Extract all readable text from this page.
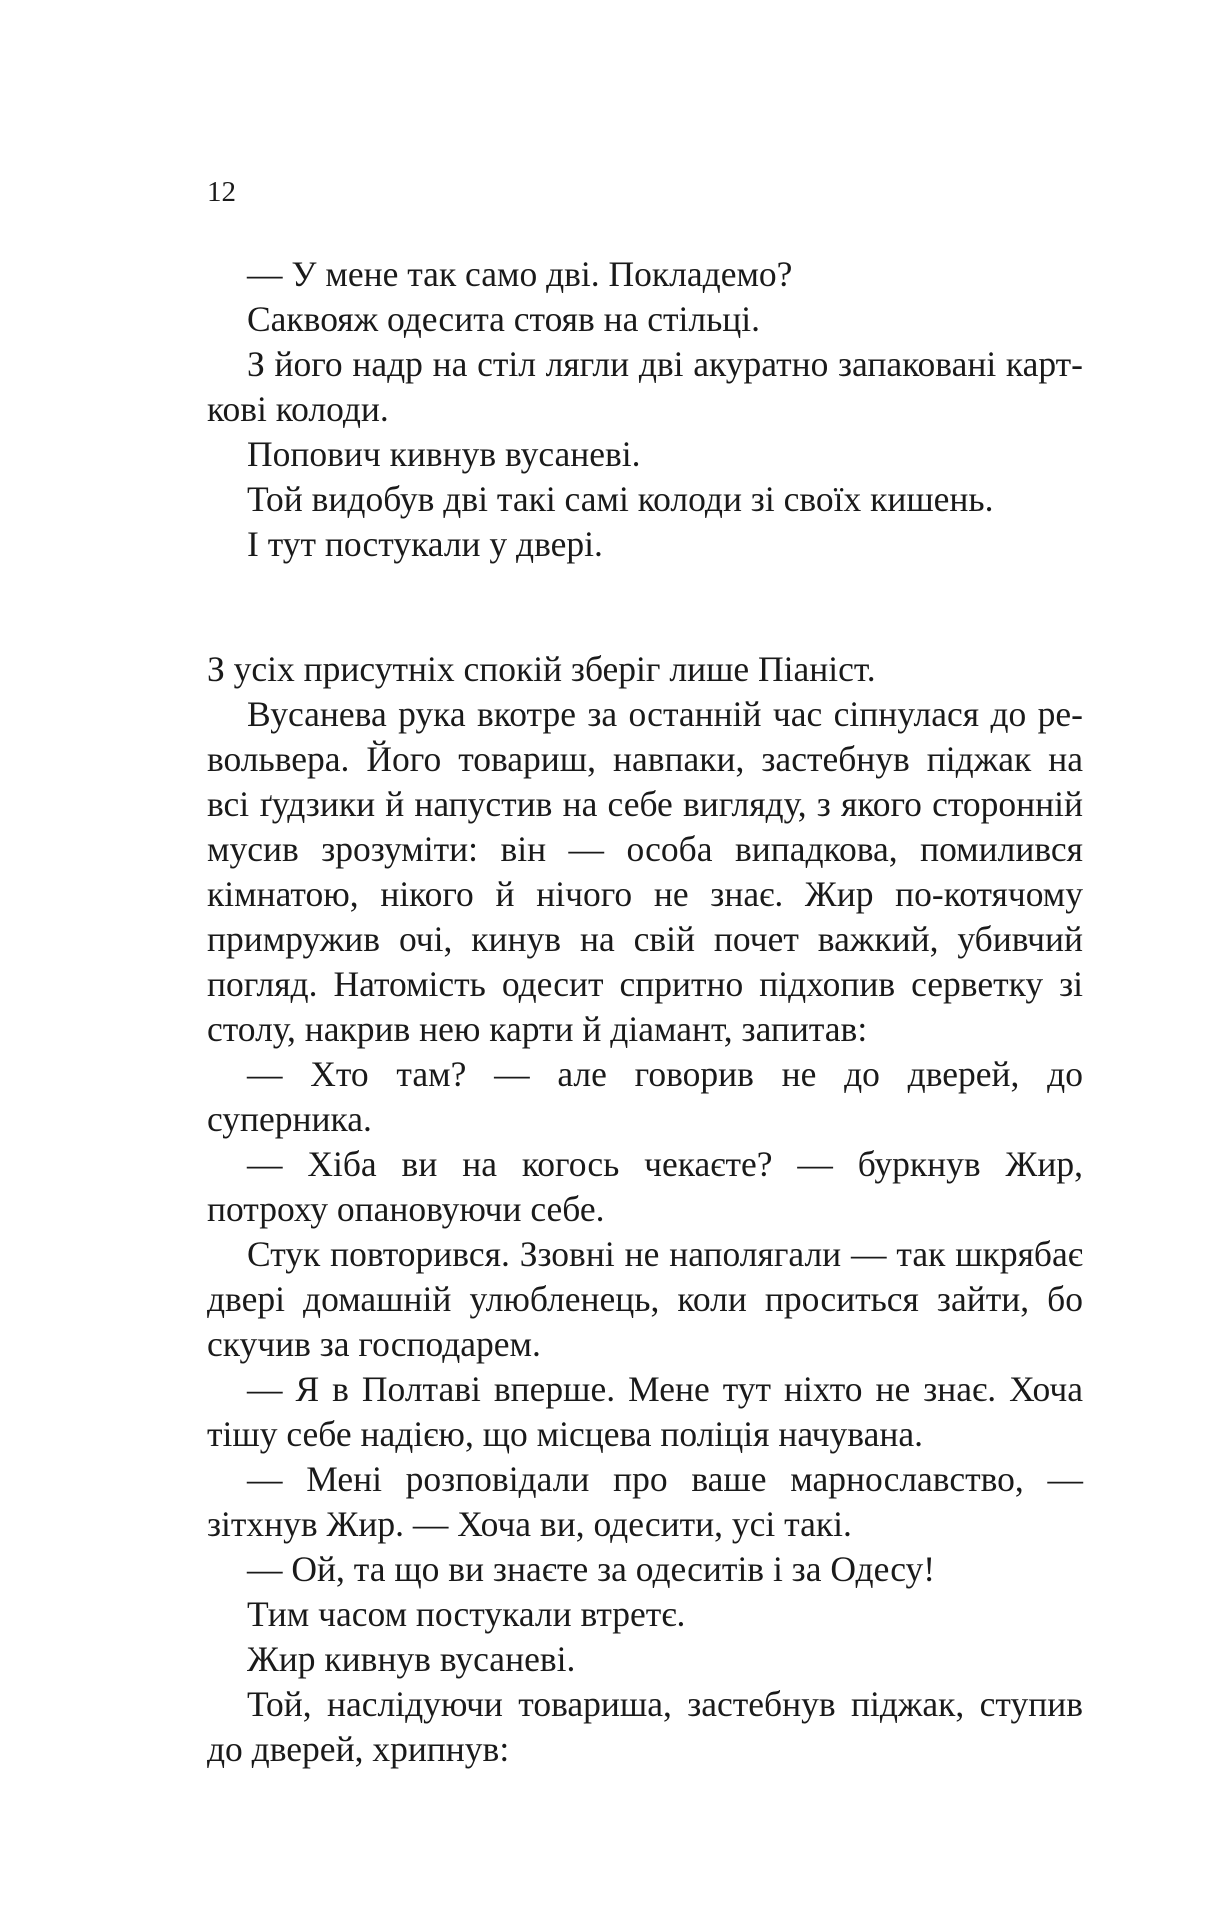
12

— У мене так само дві. Покладемо?

Саквояж одесита стояв на стільці.

З його надр на стіл лягли дві акуратно запаковані карткові колоди.

Попович кивнув вусаневі.

Той видобув дві такі самі колоди зі своїх кишень.

І тут постукали у двері.

З усіх присутніх спокій зберіг лише Піаніст.

Вусанева рука вкотре за останній час сіпнулася до револьвера. Його товариш, навпаки, застебнув піджак на всі ґудзики й напустив на себе вигляду, з якого сторонній мусив зрозуміти: він — особа випадкова, помилився кімнатою, нікого й нічого не знає. Жир по-котячому примружив очі, кинув на свій почет важкий, убивчий погляд. Натомість одесит спритно підхопив серветку зі столу, накрив нею карти й діамант, запитав:

— Хто там? — але говорив не до дверей, до суперника.

— Хіба ви на когось чекаєте? — буркнув Жир, потроху опановуючи себе.

Стук повторився. Ззовні не наполягали — так шкрябає двері домашній улюбленець, коли проситься зайти, бо скучив за господарем.

— Я в Полтаві вперше. Мене тут ніхто не знає. Хоча тішу себе надією, що місцева поліція начувана.

— Мені розповідали про ваше марнославство, — зітхнув Жир. — Хоча ви, одесити, усі такі.

— Ой, та що ви знаєте за одеситів і за Одесу!

Тим часом постукали втретє.

Жир кивнув вусаневі.

Той, наслідуючи товариша, застебнув піджак, ступив до дверей, хрипнув:
